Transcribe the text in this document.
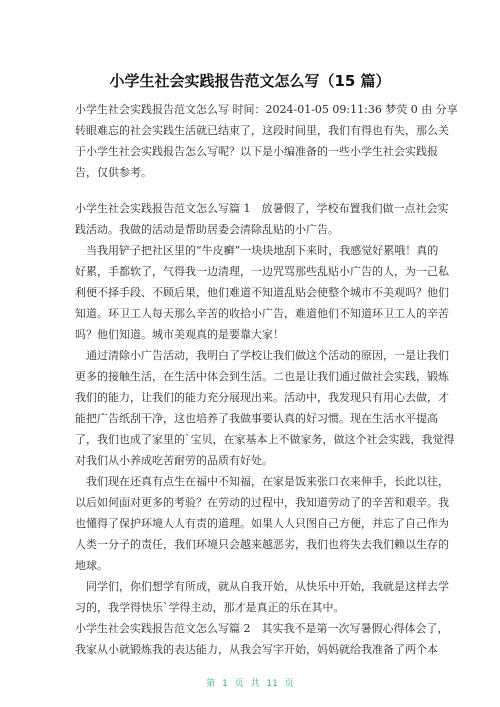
小学生社会实践报告范文怎么写（15 篇）
小学生社会实践报告范文怎么写 时间：2024-01-05 09:11:36 梦荧 0 由 分享
转眼难忘的社会实践生活就已结束了，这段时间里，我们有得也有失，那么关
于小学生社会实践报告怎么写呢？以下是小编准备的一些小学生社会实践报
告，仅供参考。
小学生社会实践报告范文怎么写篇 1　放暑假了，学校布置我们做一点社会实
践活动。我做的活动是帮助居委会清除乱贴的小广告。
　当我用铲子把社区里的“牛皮癣”一块块地刮下来时，我感觉好累哦！真的
好累，手都软了，气得我一边清理，一边咒骂那些乱贴小广告的人，为一己私
利便不择手段、不顾后果，他们难道不知道乱贴会使整个城市不美观吗？他们
知道。环卫工人每天那么辛苦的收拾小广告，难道他们不知道环卫工人的辛苦
吗？他们知道。城市美观真的是要靠大家！
　通过清除小广告活动，我明白了学校让我们做这个活动的原因，一是让我们
更多的接触生活，在生活中体会到生活。二也是让我们通过做社会实践，锻炼
我们的能力，让我们的能力充分展现出来。活动中，我发现只有用心去做，才
能把广告纸刮干净，这也培养了我做事要认真的好习惯。现在生活水平提高
了，我们也成了家里的`宝贝，在家基本上不做家务，做这个社会实践，我觉得
对我们从小养成吃苦耐劳的品质有好处。
　我们现在还真有点生在福中不知福，在家是饭来张口衣来伸手，长此以往，
以后如何面对更多的考验？在劳动的过程中，我知道劳动了的辛苦和艰辛。我
也懂得了保护环境人人有责的道理。如果人人只图自己方便，并忘了自己作为
人类一分子的责任，我们环境只会越来越恶劣，我们也将失去我们赖以生存的
地球。
　同学们，你们想学有所成，就从自我开始，从快乐中开始，我就是这样去学
习的，我学得快乐`学得主动，那才是真正的乐在其中。
小学生社会实践报告范文怎么写篇 2　其实我不是第一次写暑假心得体会了，
我家从小就锻炼我的表达能力，从我会写字开始，妈妈就给我准备了两个本
第 1 页 共 11 页
